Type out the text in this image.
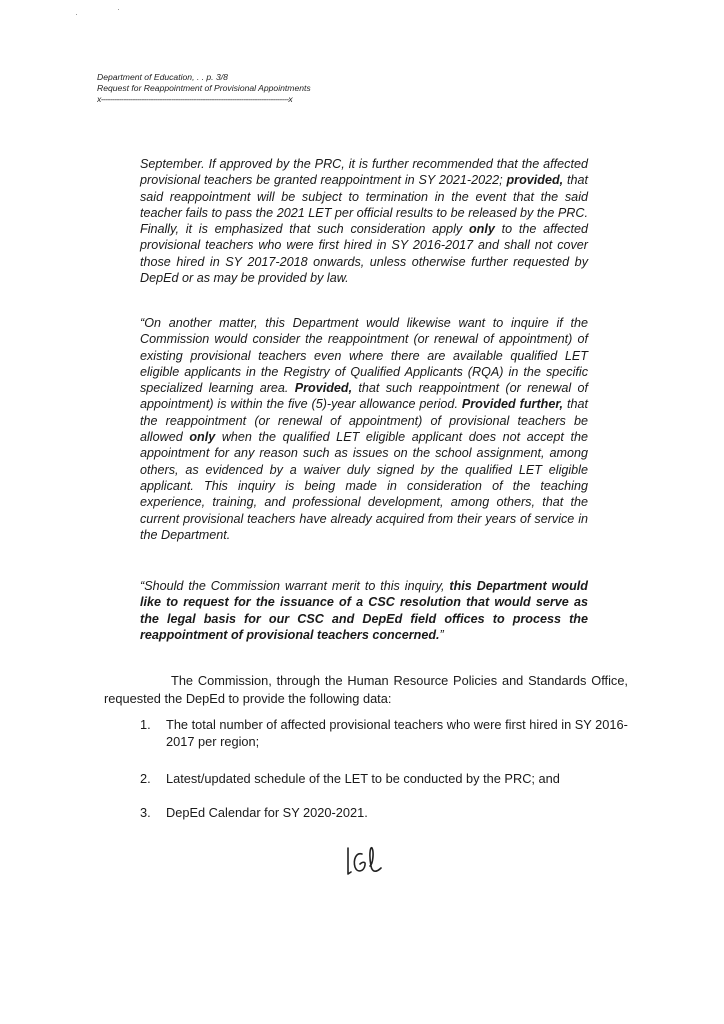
Department of Education, . . p. 3/8
Request for Reappointment of Provisional Appointments
x-----------------------------------------------------------------------------------x
September. If approved by the PRC, it is further recommended that the affected provisional teachers be granted reappointment in SY 2021-2022; provided, that said reappointment will be subject to termination in the event that the said teacher fails to pass the 2021 LET per official results to be released by the PRC. Finally, it is emphasized that such consideration apply only to the affected provisional teachers who were first hired in SY 2016-2017 and shall not cover those hired in SY 2017-2018 onwards, unless otherwise further requested by DepEd or as may be provided by law.
“On another matter, this Department would likewise want to inquire if the Commission would consider the reappointment (or renewal of appointment) of existing provisional teachers even where there are available qualified LET eligible applicants in the Registry of Qualified Applicants (RQA) in the specific specialized learning area. Provided, that such reappointment (or renewal of appointment) is within the five (5)-year allowance period. Provided further, that the reappointment (or renewal of appointment) of provisional teachers be allowed only when the qualified LET eligible applicant does not accept the appointment for any reason such as issues on the school assignment, among others, as evidenced by a waiver duly signed by the qualified LET eligible applicant. This inquiry is being made in consideration of the teaching experience, training, and professional development, among others, that the current provisional teachers have already acquired from their years of service in the Department.
“Should the Commission warrant merit to this inquiry, this Department would like to request for the issuance of a CSC resolution that would serve as the legal basis for our CSC and DepEd field offices to process the reappointment of provisional teachers concerned.”
The Commission, through the Human Resource Policies and Standards Office, requested the DepEd to provide the following data:
1.	The total number of affected provisional teachers who were first hired in SY 2016-2017 per region;
2.	Latest/updated schedule of the LET to be conducted by the PRC; and
3.	DepEd Calendar for SY 2020-2021.
